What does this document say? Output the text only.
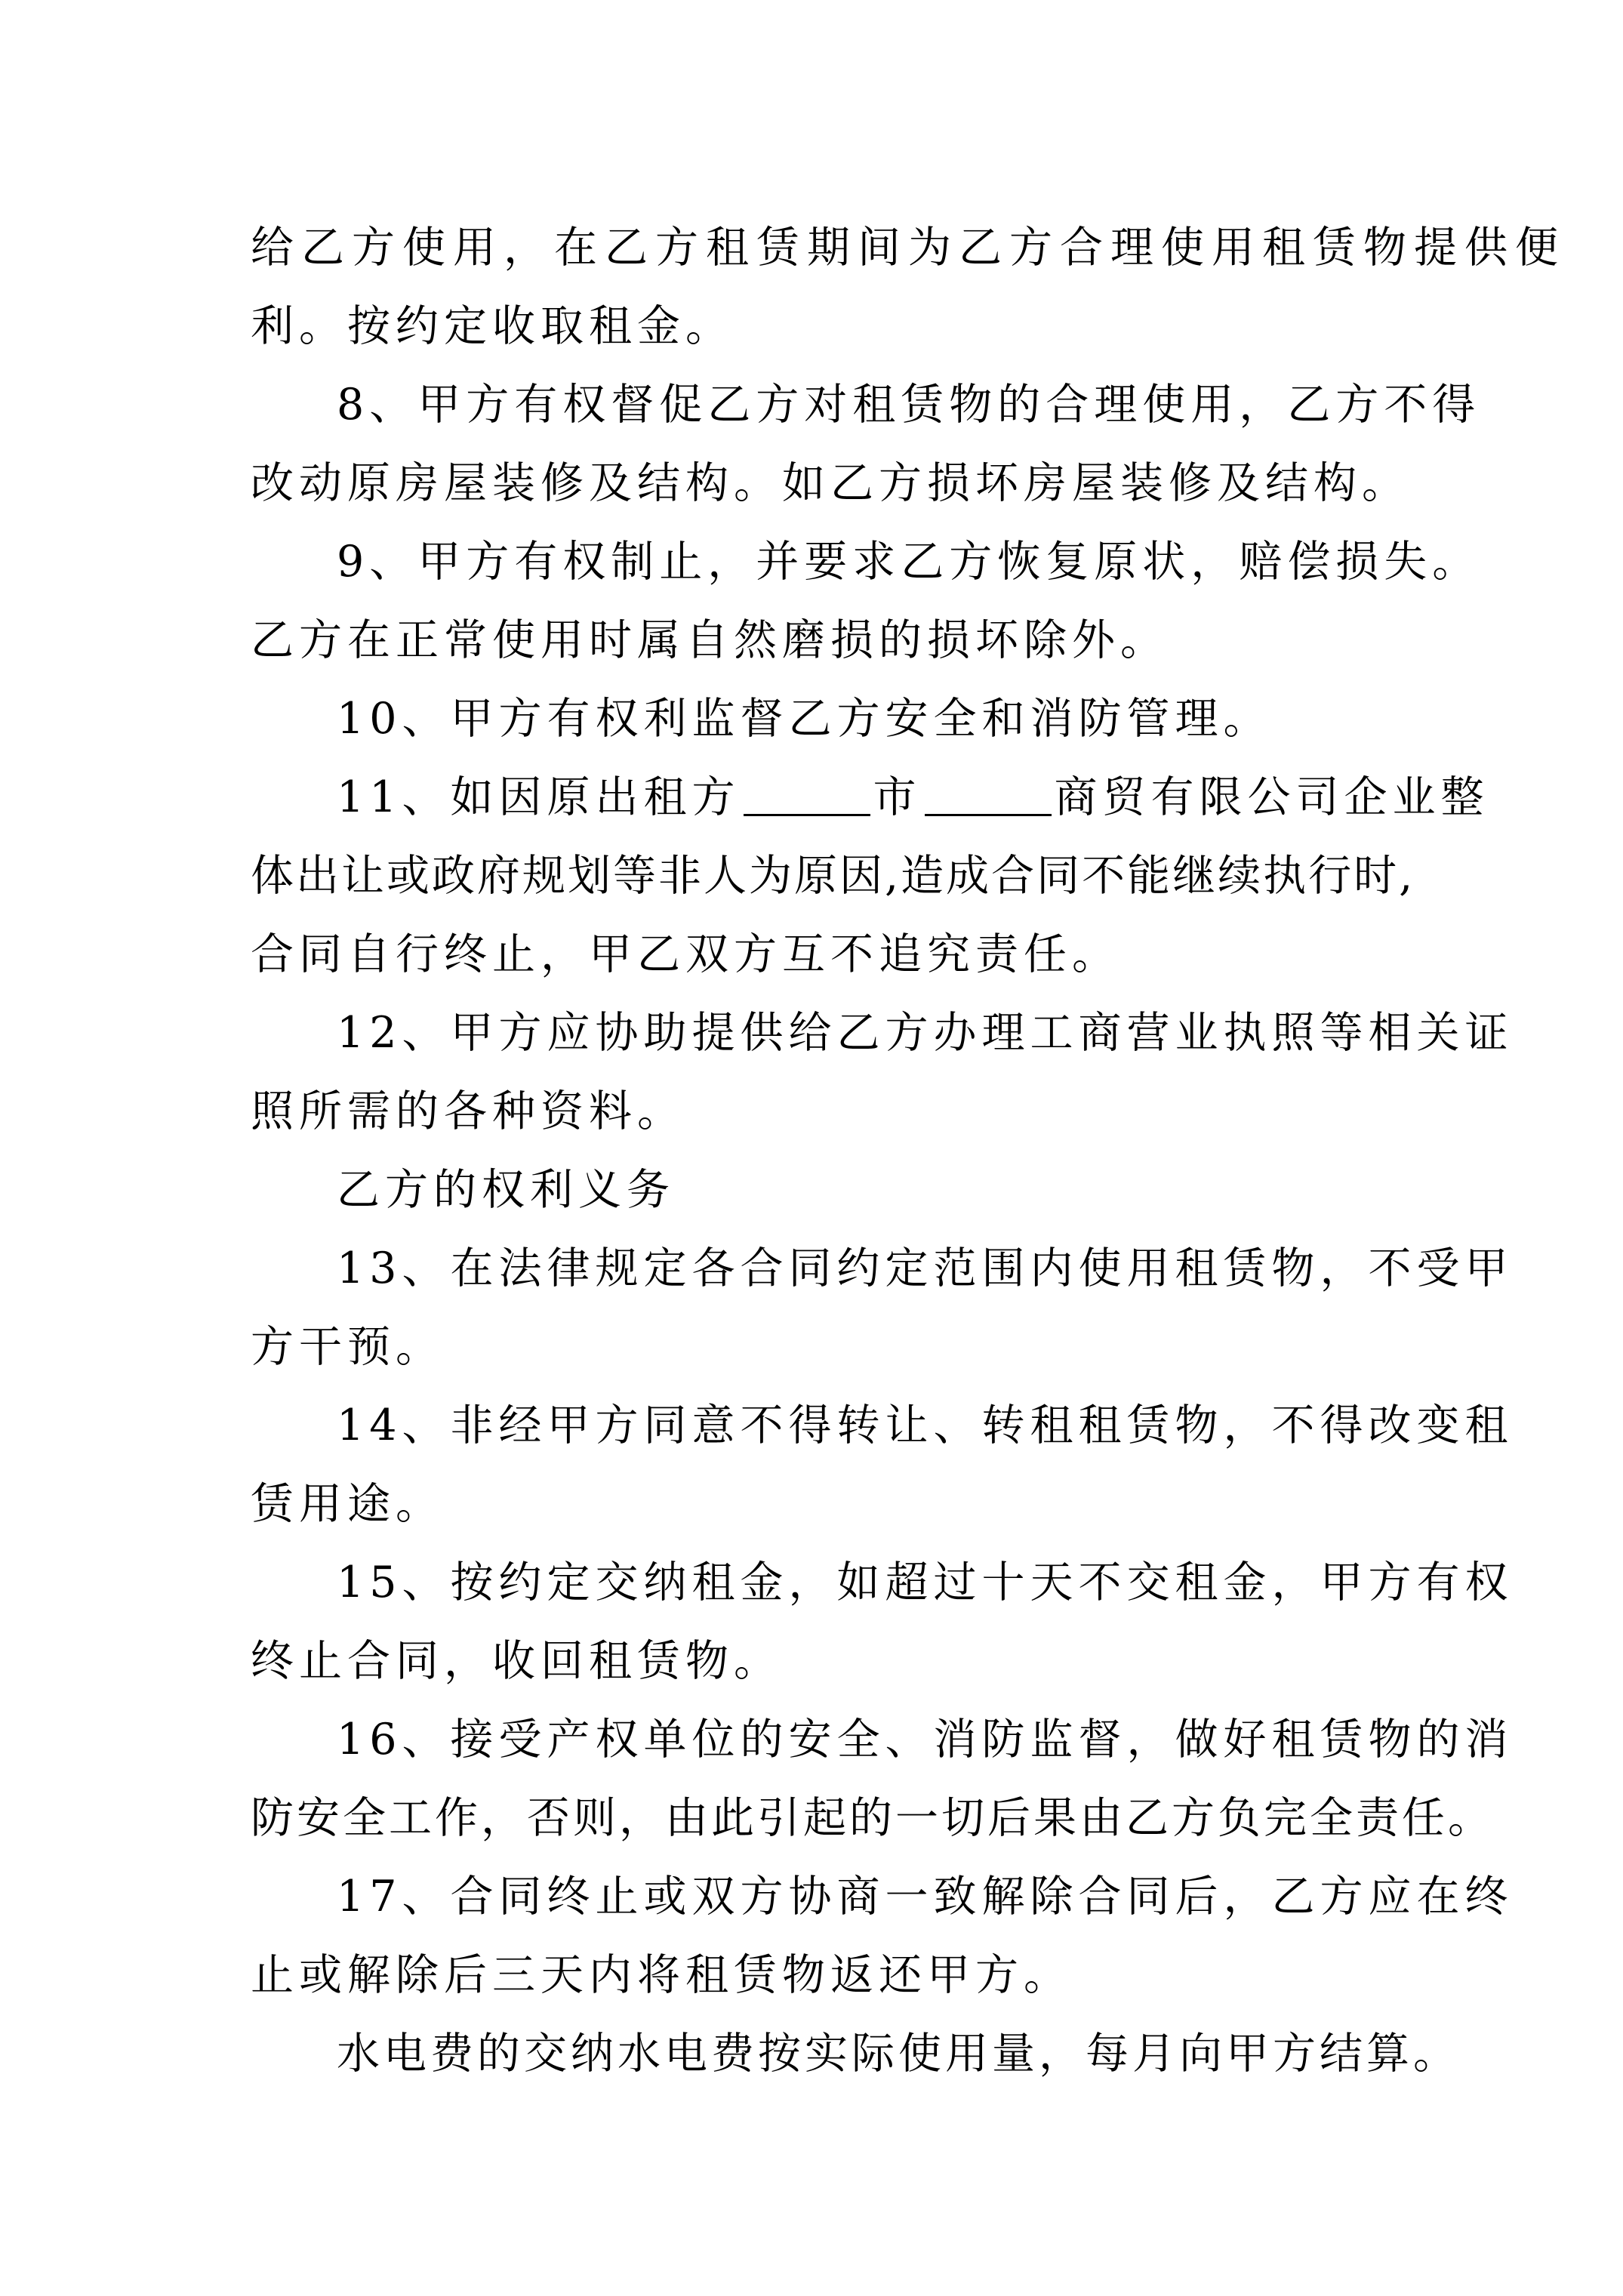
给乙方使用，在乙方租赁期间为乙方合理使用租赁物提供便
利。按约定收取租金。
8、甲方有权督促乙方对租赁物的合理使用，乙方不得
改动原房屋装修及结构。如乙方损坏房屋装修及结构。
9、甲方有权制止，并要求乙方恢复原状，赔偿损失。
乙方在正常使用时属自然磨损的损坏除外。
10、甲方有权利监督乙方安全和消防管理。
11、如因原出租方	市	商贸有限公司企业整
体出让或政府规划等非人为原因,造成合同不能继续执行时,
合同自行终止，甲乙双方互不追究责任。
12、甲方应协助提供给乙方办理工商营业执照等相关证
照所需的各种资料。
乙方的权利义务
13、在法律规定各合同约定范围内使用租赁物，不受甲
方干预。
14、非经甲方同意不得转让、转租租赁物，不得改变租
赁用途。
15、按约定交纳租金，如超过十天不交租金，甲方有权
终止合同，收回租赁物。
16、接受产权单位的安全、消防监督，做好租赁物的消
防安全工作，否则，由此引起的一切后果由乙方负完全责任。
17、合同终止或双方协商一致解除合同后，乙方应在终
止或解除后三天内将租赁物返还甲方。
水电费的交纳水电费按实际使用量，每月向甲方结算。
